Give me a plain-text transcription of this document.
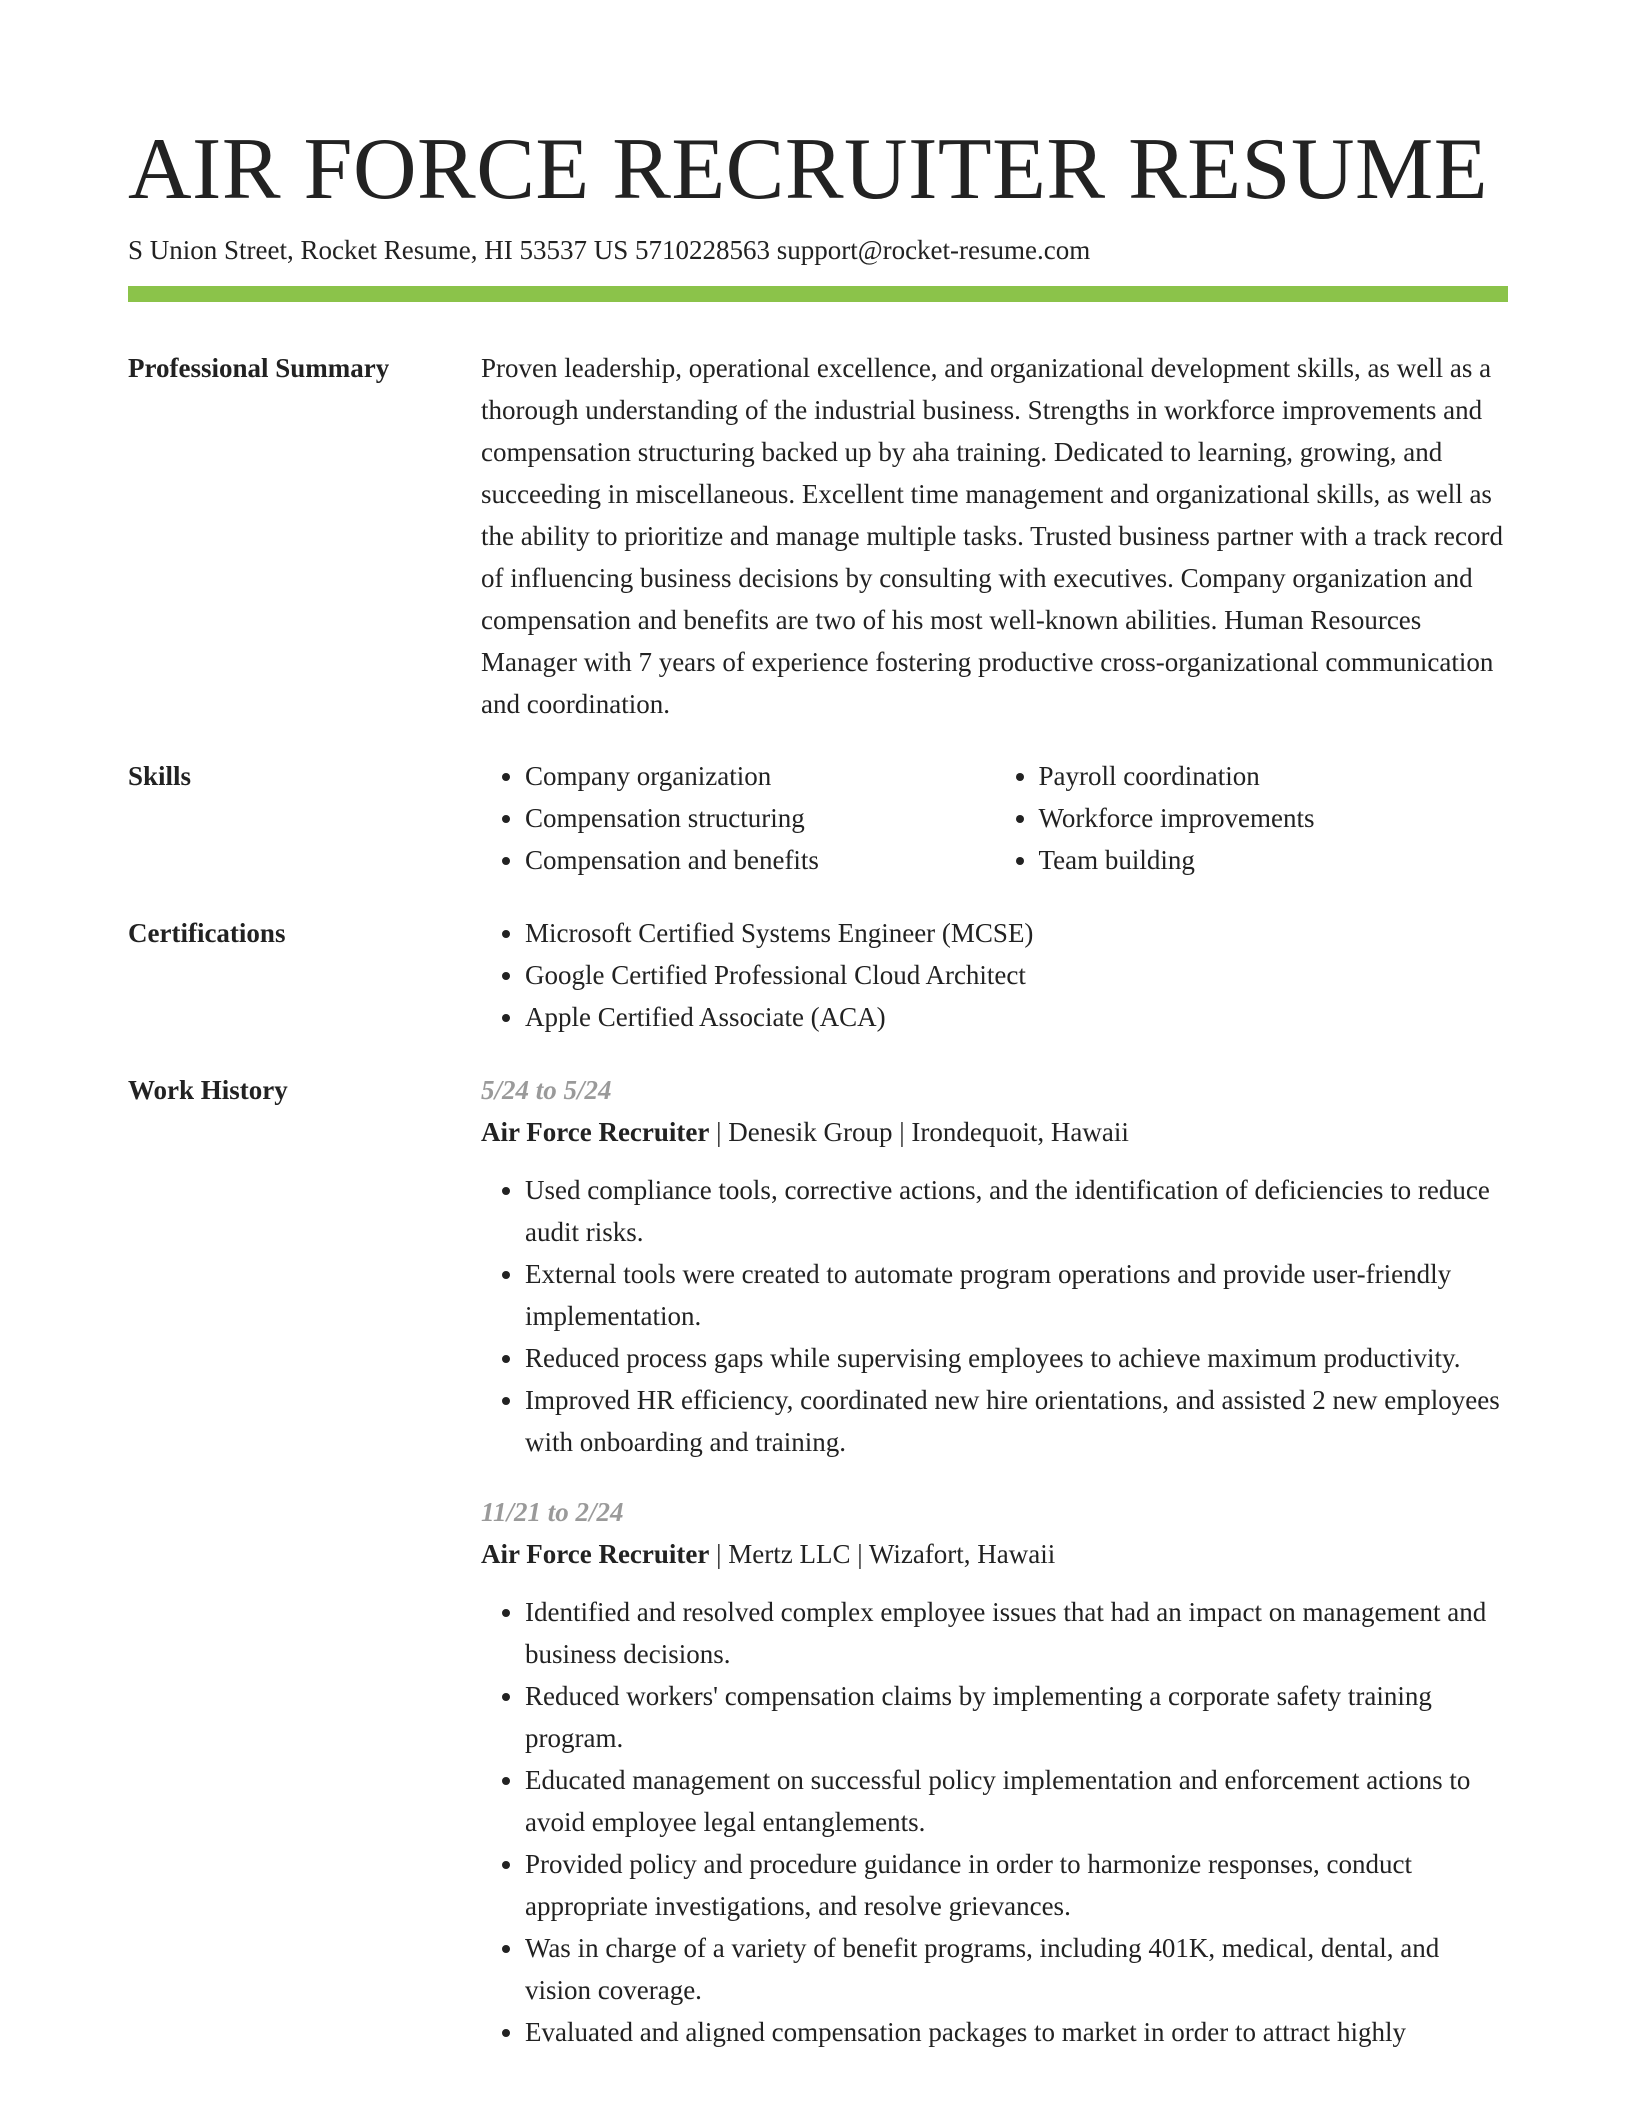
AIR FORCE RECRUITER RESUME
S Union Street, Rocket Resume, HI 53537 US 5710228563 support@rocket-resume.com
Professional Summary	Proven leadership, operational excellence, and organizational development skills, as well as a thorough understanding of the industrial business. Strengths in workforce improvements and compensation structuring backed up by aha training. Dedicated to learning, growing, and succeeding in miscellaneous. Excellent time management and organizational skills, as well as the ability to prioritize and manage multiple tasks. Trusted business partner with a track record of influencing business decisions by consulting with executives. Company organization and compensation and benefits are two of his most well-known abilities. Human Resources Manager with 7 years of experience fostering productive cross-organizational communication and coordination.

Skills	• Company organization
• Compensation structuring
• Compensation and benefits
• Payroll coordination
• Workforce improvements
• Team building
Certifications	• Microsoft Certified Systems Engineer (MCSE)
• Google Certified Professional Cloud Architect
• Apple Certified Associate (ACA)
Work History	5/24 to 5/24
Air Force Recruiter | Denesik Group | Irondequoit, Hawaii
• Used compliance tools, corrective actions, and the identification of deficiencies to reduce audit risks.
• External tools were created to automate program operations and provide user-friendly implementation.
• Reduced process gaps while supervising employees to achieve maximum productivity.
• Improved HR efficiency, coordinated new hire orientations, and assisted 2 new employees with onboarding and training.
11/21 to 2/24
Air Force Recruiter | Mertz LLC | Wizafort, Hawaii
• Identified and resolved complex employee issues that had an impact on management and business decisions.
• Reduced workers' compensation claims by implementing a corporate safety training program.
• Educated management on successful policy implementation and enforcement actions to avoid employee legal entanglements.
• Provided policy and procedure guidance in order to harmonize responses, conduct appropriate investigations, and resolve grievances.
• Was in charge of a variety of benefit programs, including 401K, medical, dental, and vision coverage.
• Evaluated and aligned compensation packages to market in order to attract highly
